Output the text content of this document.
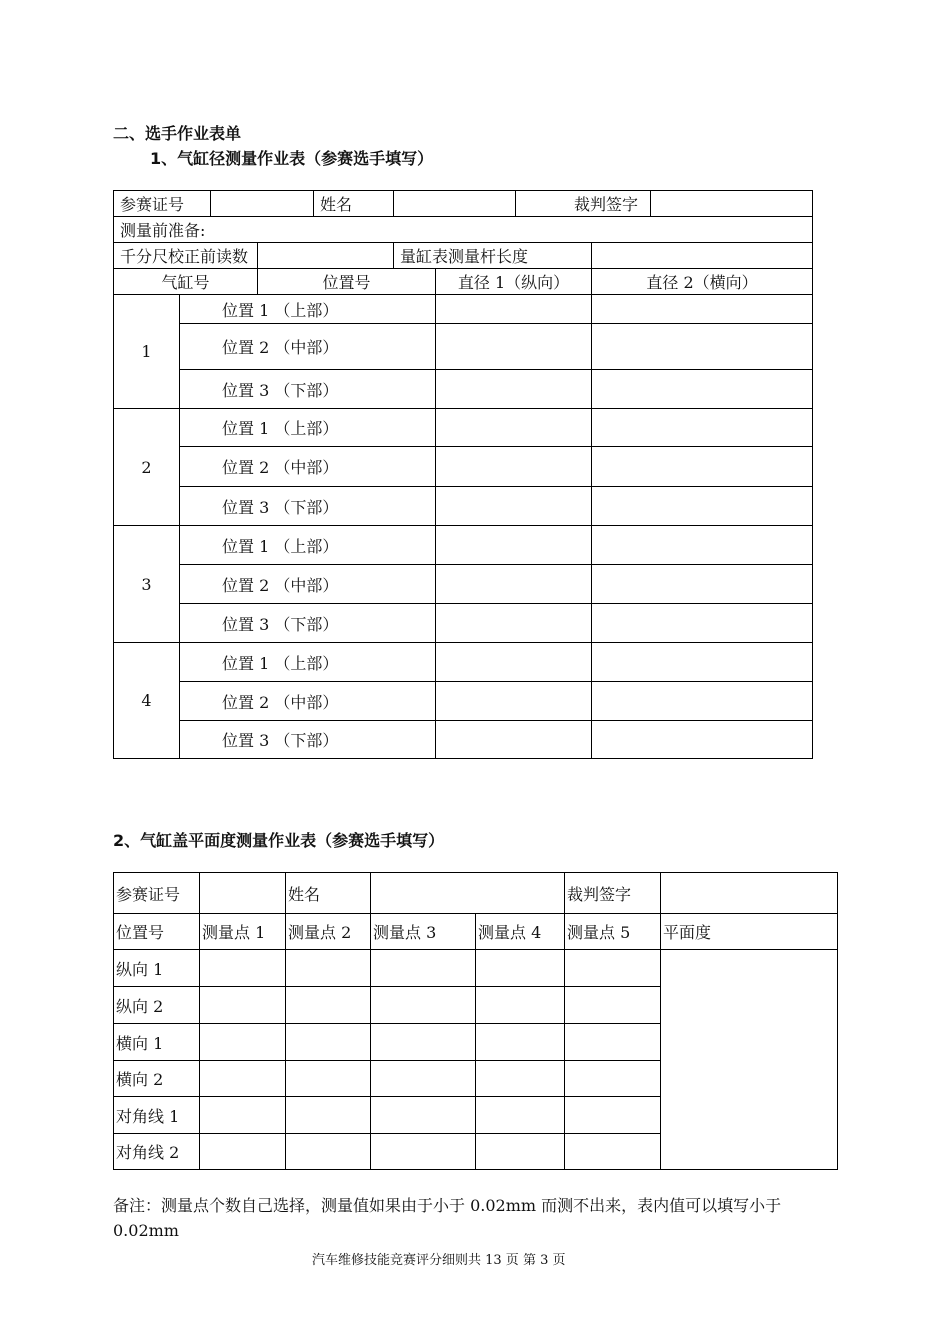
二、选手作业表单
1、气缸径测量作业表（参赛选手填写）
参赛证号				姓名			裁判签字		
测量前准备:									
千分尺校正前读数					量缸表测量杆长度				
气缸号			位置号			直径 1（纵向）		直径 2（横向）	
1	位置 1 （上部）								
	位置 2 （中部）								
	位置 3 （下部）								
2	位置 1 （上部）								
	位置 2 （中部）								
	位置 3 （下部）								
3	位置 1 （上部）								
	位置 2 （中部）								
	位置 3 （下部）								
4	位置 1 （上部）								
	位置 2 （中部）								
	位置 3 （下部）								
2、气缸盖平面度测量作业表（参赛选手填写）
参赛证号		姓名			裁判签字	
位置号	测量点 1	测量点 2	测量点 3	测量点 4	测量点 5	平面度
纵向 1						
纵向 2						
横向 1						
横向 2						
对角线 1						
对角线 2						
备注：测量点个数自己选择，测量值如果由于小于 0.02mm 而测不出来，表内值可以填写小于 0.02mm
汽车维修技能竞赛评分细则共 13 页 第 3 页
